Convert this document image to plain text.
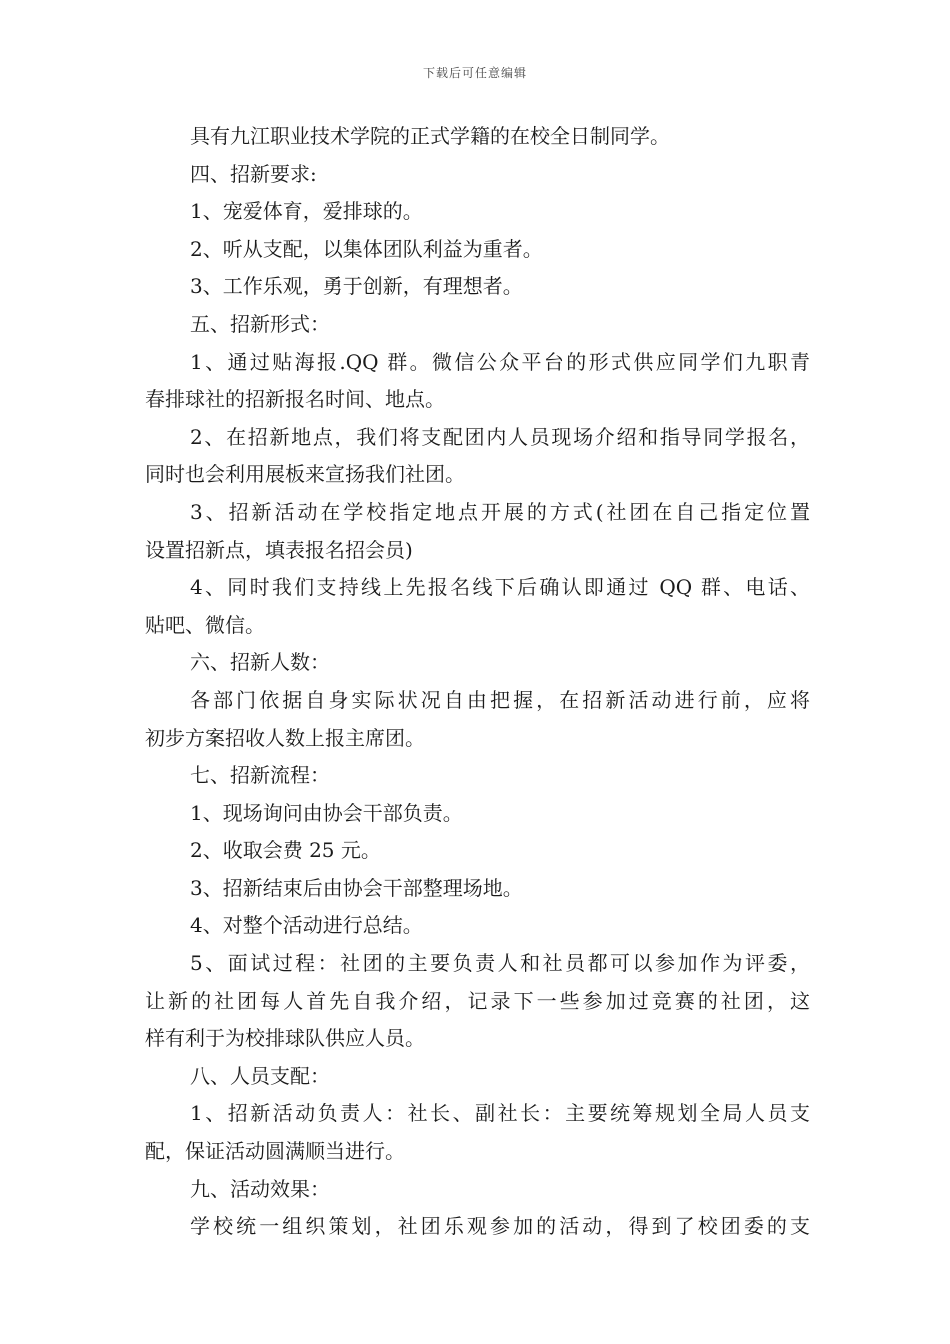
下载后可任意编辑
具有九江职业技术学院的正式学籍的在校全日制同学。
四、招新要求:
1、宠爱体育，爱排球的。
2、听从支配，以集体团队利益为重者。
3、工作乐观，勇于创新，有理想者。
五、招新形式：
1、通过贴海报.QQ 群。微信公众平台的形式供应同学们九职青
春排球社的招新报名时间、地点。
2、在招新地点，我们将支配团内人员现场介绍和指导同学报名，
同时也会利用展板来宣扬我们社团。
3、招新活动在学校指定地点开展的方式(社团在自己指定位置
设置招新点，填表报名招会员)
4、同时我们支持线上先报名线下后确认即通过 QQ 群、电话、
贴吧、微信。
六、招新人数：
各部门依据自身实际状况自由把握，在招新活动进行前，应将
初步方案招收人数上报主席团。
七、招新流程：
1、现场询问由协会干部负责。
2、收取会费 25 元。
3、招新结束后由协会干部整理场地。
4、对整个活动进行总结。
5、面试过程：社团的主要负责人和社员都可以参加作为评委，
让新的社团每人首先自我介绍，记录下一些参加过竞赛的社团，这
样有利于为校排球队供应人员。
八、人员支配：
1、招新活动负责人：社长、副社长：主要统筹规划全局人员支
配，保证活动圆满顺当进行。
九、活动效果：
学校统一组织策划，社团乐观参加的活动，得到了校团委的支
